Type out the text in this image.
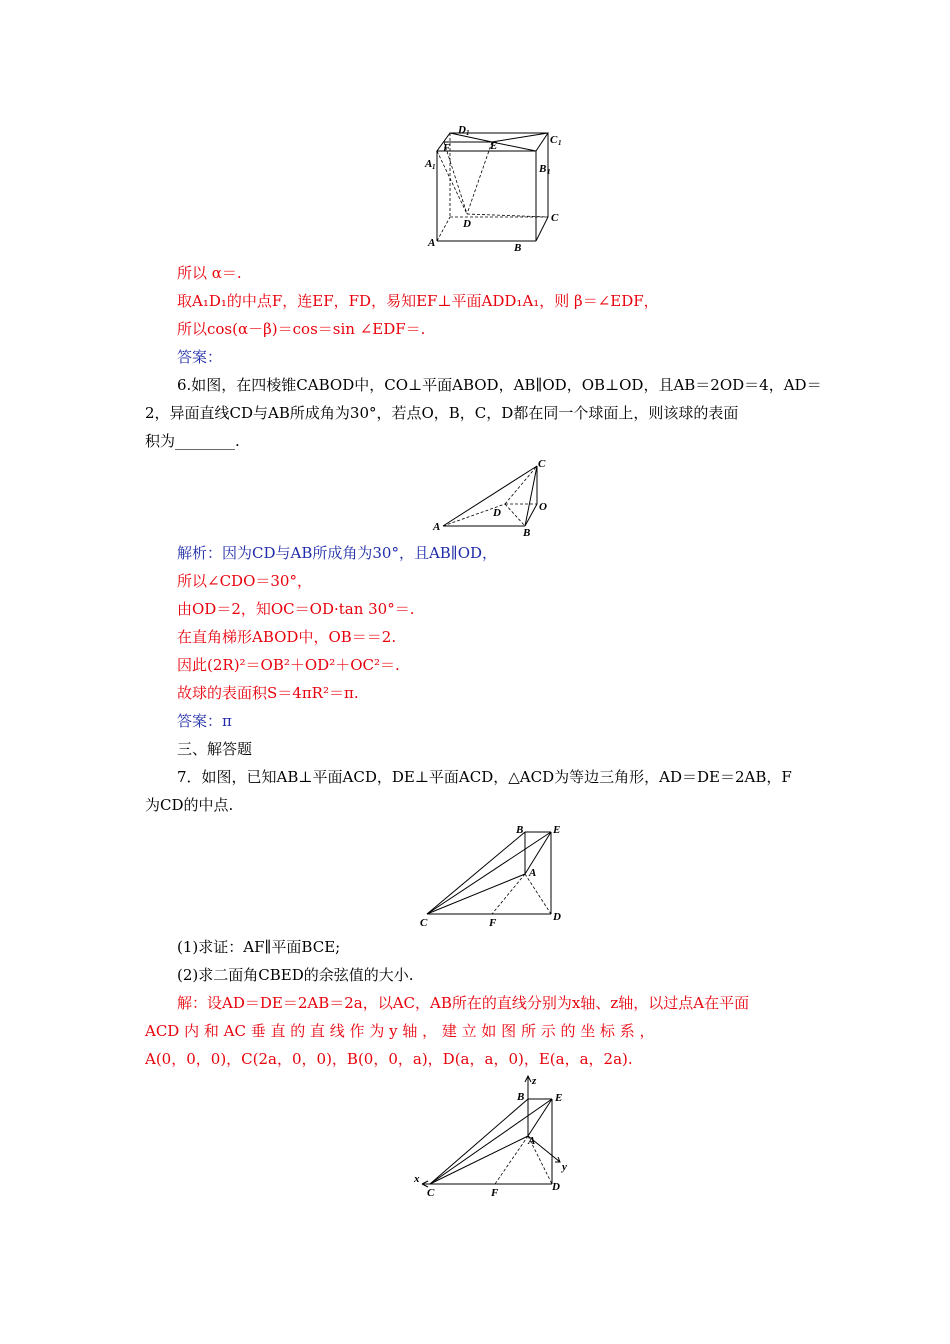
D 1
C 1
F	E
A 1	B 1
D	C
A	B
C
D	O
A	B
B	E
A
C	F	D
z
B	E
A
y
x
C	F	D
所以 α＝.
取A₁D₁的中点F，连EF，FD，易知EF⊥平面ADD₁A₁，则 β＝∠EDF，
所以cos(α－β)＝cos＝sin ∠EDF＝.
答案：
6.如图，在四棱锥CABOD中，CO⊥平面ABOD，AB∥OD，OB⊥OD，且AB＝2OD＝4，AD＝
2，异面直线CD与AB所成角为30°，若点O，B，C，D都在同一个球面上，则该球的表面
积为________.
解析：因为CD与AB所成角为30°，且AB∥OD，
所以∠CDO＝30°，
由OD＝2，知OC＝OD·tan 30°＝.
在直角梯形ABOD中，OB＝＝2.
因此(2R)²＝OB²＋OD²＋OC²＝.
故球的表面积S＝4πR²＝π.
答案：π
三、解答题
7．如图，已知AB⊥平面ACD，DE⊥平面ACD，△ACD为等边三角形，AD＝DE＝2AB，F
为CD的中点.
(1)求证：AF∥平面BCE;
(2)求二面角CBED的余弦值的大小.
解：设AD＝DE＝2AB＝2a，以AC，AB所在的直线分别为x轴、z轴，以过点A在平面
ACD 内 和 AC 垂 直 的 直 线 作 为 y 轴 ， 建 立 如 图 所 示 的 坐 标 系 ，
A(0，0，0)，C(2a，0，0)，B(0，0，a)，D(a，a，0)，E(a，a，2a).
